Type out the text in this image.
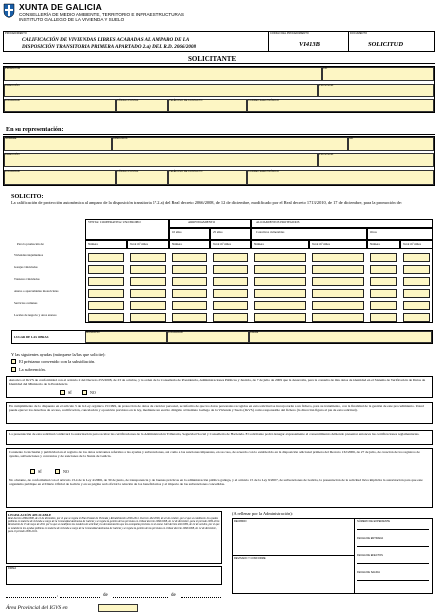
XUNTA DE GALICIA
CONSELLERÍA DE MEDIO AMBIENTE, TERRITORIO E INFRAESTRUCTURAS
INSTITUTO GALLEGO DE LA VIVIENDA Y SUELO
PROCEDIMIENTO
CALIFICACIÓN DE VIVIENDAS LIBRES ACABADAS AL AMPARO DE LA
DISPOSICIÓN TRANSITORIA PRIMERA APARTADO 2.a) DEL R.D. 2066/2008
CÓDIGO DEL PROCEDIMIENTO
VI413B
DOCUMENTO
SOLICITUD
SOLICITANTE
PROMOTOR	CIF
DIRECCIÓN	PROVINCIA
LOCALIDAD	CÓDIGO POSTAL	TELÉFONO DE CONTACTO	CORREO ELECTRÓNICO
En su representación:
NOMBRE	APELLIDOS	NIF
DIRECCIÓN	PROVINCIA
LOCALIDAD	CÓDIGO POSTAL	TELÉFONO DE CONTACTO	CORREO ELECTRÓNICO
SOLICITO:
La calificación de protección autonómica al amparo de la disposición transitoria 1ª.2.a) del Real decreto 2066/2008, de 12 de diciembre, modificado por el Real decreto 1713/2010, de 17 de diciembre, para la promoción de:
VENTA/ COOPERATIVA/ USO PROPIO	ARRENDAMIENTO	ALOJAMIENTOS PROTEGIDOS
10 años	25 años	Colectivos vulnerables	Otros
Para la promoción de:	Número	Total m² útiles	Número	Total m² útiles	Número	Total m² útiles	Número	Total m² útiles
Viviendas/alojamientos
Garajes vinculados
Trasteros vinculados
Anexo o aparcamiento motocicletas
Servicios comunes
Locales de negocio y otros anexos
LUGAR DE LAS OBRAS
MUNICIPIO	LOCALIDAD	CALLE
Y las siguientes ayudas (márquese la/las que solicite):
El préstamo convenido con la subsidiación.
La subvención.
Autorizo al IGVS de conformidad con el artículo 2 del Decreto 255/2008, de 23 de octubre, y la orden de la Consellería de Presidencia, Administraciones Públicas y Justicia, de 7 de julio de 2009 que la desarrolla, para la consulta de mis datos de identidad en el Sistema de Verificación de Datos de Identidad del Ministerio de la Presidencia
SÍ	NO
En cumplimiento de lo dispuesto en el artículo 5 de la Ley orgánica 15/1999, de protección de datos de carácter personal, se informa de que los datos personales recogidos en esta solicitud se incorporarán a un fichero, para su tratamiento, con la finalidad de la gestión de este procedimiento. Usted puede ejercer los derechos de acceso, rectificación, cancelación y oposición previstos en la ley, mediante un escrito dirigido al Instituto Gallego de la Vivienda y Suelo (IGVS) como responsable del fichero (la dirección figura al pie de esta solicitud).
La presentación de esta solicitud conllevará la autorización para recabar las certificaciones de la Administración Tributaria, Seguridad Social y Consellería de Hacienda. El solicitante podrá denegar expresamente el consentimiento debiendo presentar entonces las certificaciones reglamentarias.
Consiento la inclusión y publicidad en el registro de los datos relevantes referidos a las ayudas y subvenciones, así como a las sanciones impuestas, en su caso, de acuerdo con lo establecido en la disposición adicional primera del Decreto 132/2006, de 27 de julio, de creación de los registros de ayudas, subvenciones y convenios y de sanciones de la Xunta de Galicia.
SÍ	NO
No obstante, de conformidad con el artículo 13.4 de la Ley 4/2006, de 30 de junio, de transparencia y de buenas prácticas en la administración pública gallega, y el artículo 15 de la Ley 9/2007, de subvenciones de Galicia, la presentación de la solicitud lleva implícita la autorización para que este organismo publique en el Diario Oficial de Galicia y en su página web oficial la relación de los beneficiarios y el importe de las subvenciones concedidas.
LEGISLACIÓN APLICABLE
Real decreto 2066/2008, de 12 de diciembre, por el que se regula el Plan Estatal de Vivienda y Rehabilitación 2009-2012. Decreto 402/2009, de 22 de octubre, por el que se establecen los ayudas públicas en materia de vivienda a cargo de la Comunidad Autónoma de Galicia y se regula la gestión de las previstas en el Real decreto 2066/2008, de 12 de diciembre, para el periodo 2009-2012. Resolución de 15 de mayo de 2011 por la que se modifican los modelos de solicitud y la documentación que los acompaña previstos en el anexo I del decreto 402/2009, de 22 de octubre, por el que se establecen los ayudas públicas en materia de vivienda a cargo de la Comunidad Autónoma de Galicia y se regula la gestión de las previstas en el Real decreto 2066/2008, de 12 de diciembre, para el periodo 2009-2012.
FIRMA
(A rellenar por la Administración):
RECIBIDO
REVISADO Y CONFORME
NÚMERO DE EXPEDIENTE
FECHA DE ENTRADA
FECHA DE EFECTOS
FECHA DE SALIDA
,	de	de
Área Provincial del IGVS en
